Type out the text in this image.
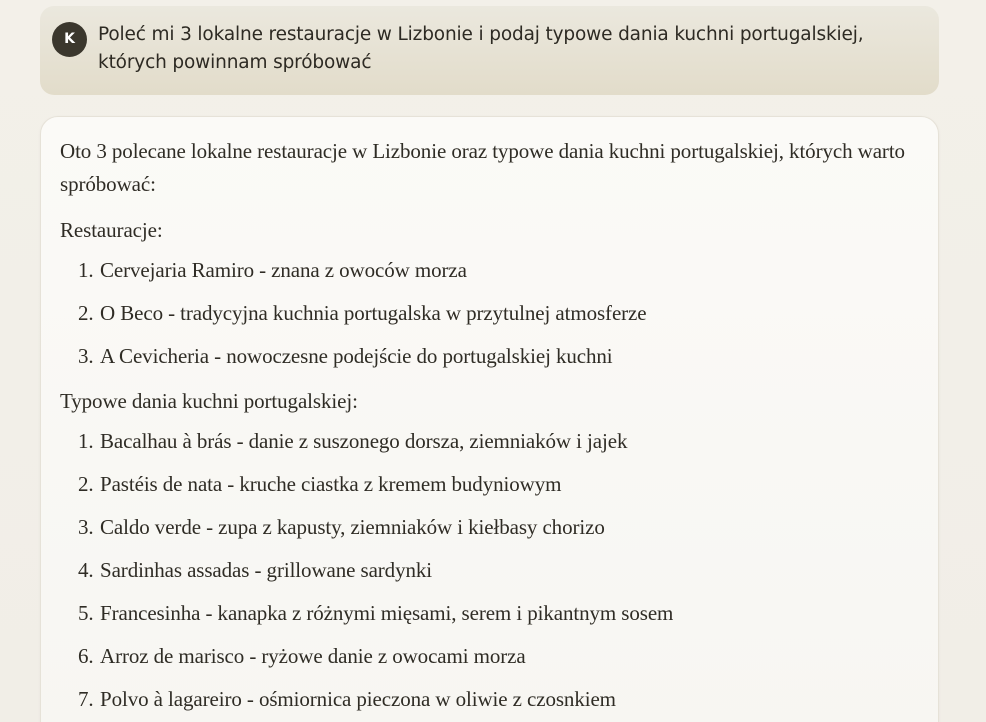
K	Poleć mi 3 lokalne restauracje w Lizbonie i podaj typowe dania kuchni portugalskiej, których powinnam spróbować

Oto 3 polecane lokalne restauracje w Lizbonie oraz typowe dania kuchni portugalskiej, których warto spróbować:

Restauracje:

1. Cervejaria Ramiro - znana z owoców morza
2. O Beco - tradycyjna kuchnia portugalska w przytulnej atmosferze
3. A Cevicheria - nowoczesne podejście do portugalskiej kuchni

Typowe dania kuchni portugalskiej:

1. Bacalhau à brás - danie z suszonego dorsza, ziemniaków i jajek
2. Pastéis de nata - kruche ciastka z kremem budyniowym
3. Caldo verde - zupa z kapusty, ziemniaków i kiełbasy chorizo
4. Sardinhas assadas - grillowane sardynki
5. Francesinha - kanapka z różnymi mięsami, serem i pikantnym sosem
6. Arroz de marisco - ryżowe danie z owocami morza
7. Polvo à lagareiro - ośmiornica pieczona w oliwie z czosnkiem
